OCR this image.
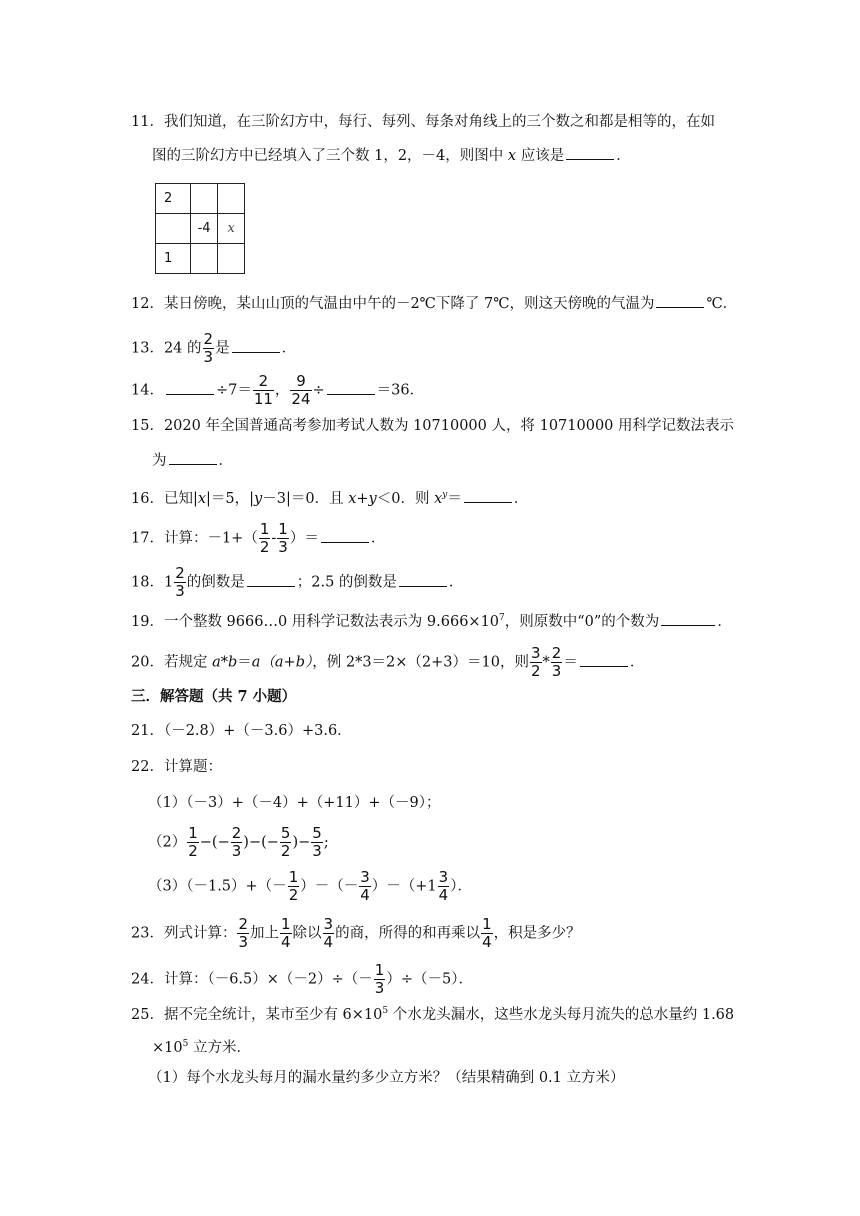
11．我们知道，在三阶幻方中，每行、每列、每条对角线上的三个数之和都是相等的，在如
图的三阶幻方中已经填入了三个数 1，2，－4，则图中 x 应该是	．
2		
	-4	x
1		
12．某日傍晚，某山山顶的气温由中午的－2℃下降了 7℃，则这天傍晚的气温为	℃．
13．24 的 $\frac{2}{3}$ 是	．
14．	$\div 7= \frac{2}{11}$ ， $\frac{9}{24}$ ÷	＝36．
15．2020 年全国普通高考参加考试人数为 10710000 人，将 10710000 用科学记数法表示
为	．
16．已知|x|＝5，|y－3|＝0．且 x+y＜0．则 $x^y=$	．
17．计算：$-1+( \frac{1}{2} - \frac{1}{3}$ ）＝	．
18．$1 \frac{2}{3}$ 的倒数是	；2.5 的倒数是	．
19．一个整数 9666…0 用科学记数法表示为 $9.666\times 10^7$，则原数中“0”的个数为	．
20．若规定 a*b＝a（a+b），例 2*3＝2×（2+3）＝10，则 $\frac{3}{2} * \frac{2}{3}$ ＝	．
三．解答题（共 7 小题）
21．（－2.8）+（－3.6）+3.6．
22．计算题：
（1）（－3）+（－4）+（+11）+（－9）；
$(2) \frac{1}{2}$ −(− $\frac{2}{3}$ )−(− $\frac{5}{2}$ )− $\frac{5}{3}$ ;
$(3)(-1.5)+(- \frac{1}{2}$ ）－（－ $\frac{3}{4} )-(+1 \frac{3}{4}$ ）．
23．列式计算： $\frac{2}{3}$ 加上 $\frac{1}{4}$ 除以 $\frac{3}{4}$ 的商，所得的和再乘以 $\frac{1}{4}$ ，积是多少？
24．计算：$(-6.5)\times(-2)\div(- \frac{1}{3} )\div(-5)$．
25．据不完全统计，某市至少有 $6\times 10^5$ 个水龙头漏水，这些水龙头每月流失的总水量约 1.68
$\times 10^5$ 立方米．
（1）每个水龙头每月的漏水量约多少立方米？（结果精确到 0.1 立方米）
